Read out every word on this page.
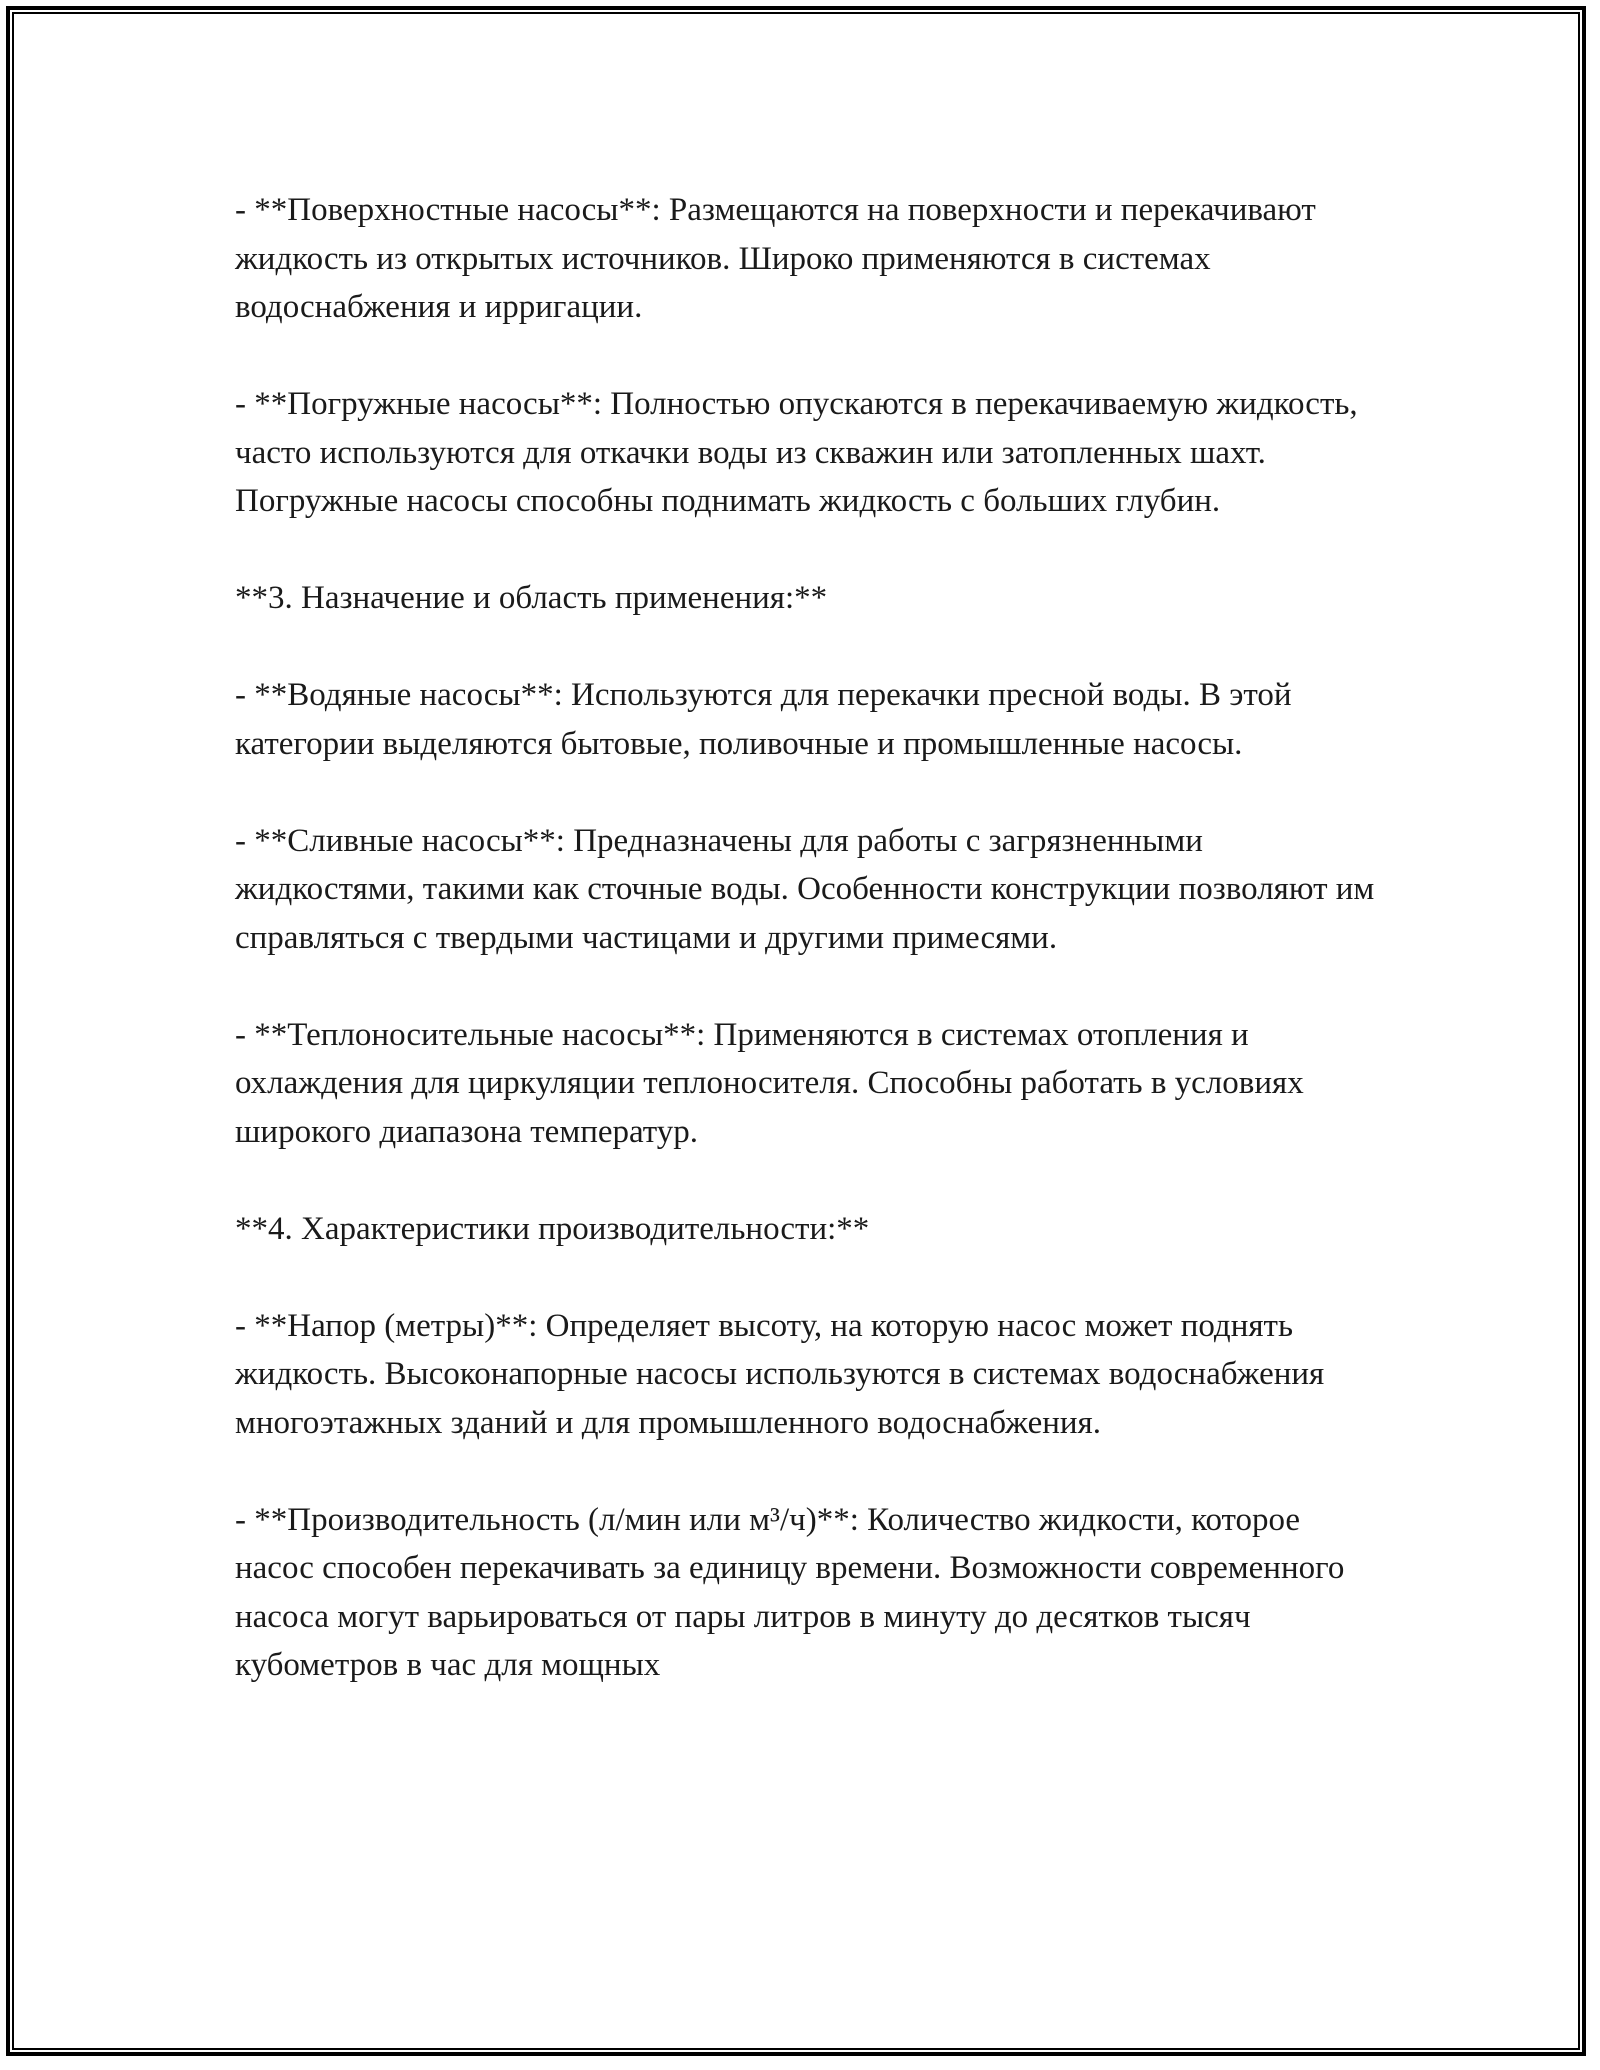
- **Поверхностные насосы**: Размещаются на поверхности и перекачивают жидкость из открытых источников. Широко применяются в системах водоснабжения и ирригации.

- **Погружные насосы**: Полностью опускаются в перекачиваемую жидкость, часто используются для откачки воды из скважин или затопленных шахт. Погружные насосы способны поднимать жидкость с больших глубин.

**3. Назначение и область применения:**

- **Водяные насосы**: Используются для перекачки пресной воды. В этой категории выделяются бытовые, поливочные и промышленные насосы.

- **Сливные насосы**: Предназначены для работы с загрязненными жидкостями, такими как сточные воды. Особенности конструкции позволяют им справляться с твердыми частицами и другими примесями.

- **Теплоносительные насосы**: Применяются в системах отопления и охлаждения для циркуляции теплоносителя. Способны работать в условиях широкого диапазона температур.

**4. Характеристики производительности:**

- **Напор (метры)**: Определяет высоту, на которую насос может поднять жидкость. Высоконапорные насосы используются в системах водоснабжения многоэтажных зданий и для промышленного водоснабжения.

- **Производительность (л/мин или м³/ч)**: Количество жидкости, которое насос способен перекачивать за единицу времени. Возможности современного насоса могут варьироваться от пары литров в минуту до десятков тысяч кубометров в час для мощных
